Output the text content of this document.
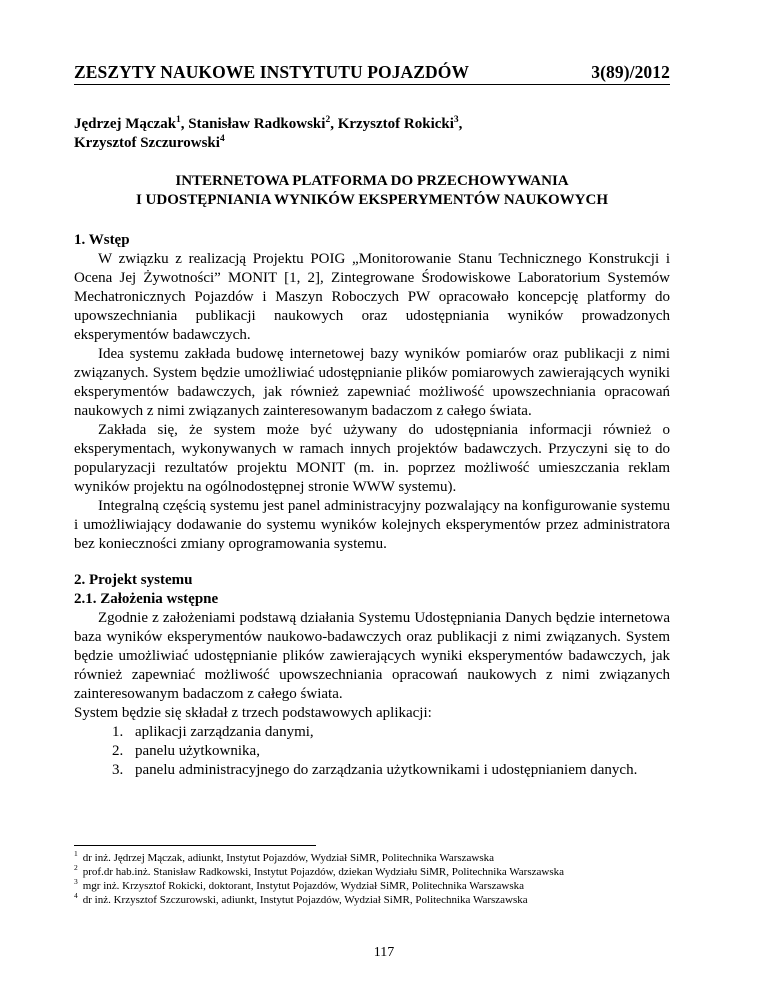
ZESZYTY NAUKOWE INSTYTUTU POJAZDÓW	3(89)/2012
Jędrzej Mączak$^1$, Stanisław Radkowski$^2$, Krzysztof Rokicki$^3$,
Krzysztof Szczurowski$^4$
INTERNETOWA PLATFORMA DO PRZECHOWYWANIA
I UDOSTĘPNIANIA WYNIKÓW EKSPERYMENTÓW NAUKOWYCH
1. Wstęp

W związku z realizacją Projektu POIG „Monitorowanie Stanu Technicznego Konstrukcji i Ocena Jej Żywotności” MONIT [1, 2], Zintegrowane Środowiskowe Laboratorium Systemów Mechatronicznych Pojazdów i Maszyn Roboczych PW opracowało koncepcję platformy do upowszechniania publikacji naukowych oraz udostępniania wyników prowadzonych eksperymentów badawczych.

Idea systemu zakłada budowę internetowej bazy wyników pomiarów oraz publikacji z nimi związanych. System będzie umożliwiać udostępnianie plików pomiarowych zawierających wyniki eksperymentów badawczych, jak również zapewniać możliwość upowszechniania opracowań naukowych z nimi związanych zainteresowanym badaczom z całego świata.

Zakłada się, że system może być używany do udostępniania informacji również o eksperymentach, wykonywanych w ramach innych projektów badawczych. Przyczyni się to do popularyzacji rezultatów projektu MONIT (m. in. poprzez możliwość umieszczania reklam wyników projektu na ogólnodostępnej stronie WWW systemu).

Integralną częścią systemu jest panel administracyjny pozwalający na konfigurowanie systemu i umożliwiający dodawanie do systemu wyników kolejnych eksperymentów przez administratora bez konieczności zmiany oprogramowania systemu.

2. Projekt systemu
2.1. Założenia wstępne

Zgodnie z założeniami podstawą działania Systemu Udostępniania Danych będzie internetowa baza wyników eksperymentów naukowo-badawczych oraz publikacji z nimi związanych. System będzie umożliwiać udostępnianie plików zawierających wyniki eksperymentów badawczych, jak również zapewniać możliwość upowszechniania opracowań naukowych z nimi związanych zainteresowanym badaczom z całego świata.

System będzie się składał z trzech podstawowych aplikacji:

1. aplikacji zarządzania danymi,
2. panelu użytkownika,
3. panelu administracyjnego do zarządzania użytkownikami i udostępnianiem danych.
$^1$ dr inż. Jędrzej Mączak, adiunkt, Instytut Pojazdów, Wydział SiMR, Politechnika Warszawska
$^2$ prof.dr hab.inż. Stanisław Radkowski, Instytut Pojazdów, dziekan Wydziału SiMR, Politechnika Warszawska
$^3$ mgr inż. Krzysztof Rokicki, doktorant, Instytut Pojazdów, Wydział SiMR, Politechnika Warszawska
$^4$ dr inż. Krzysztof Szczurowski, adiunkt, Instytut Pojazdów, Wydział SiMR, Politechnika Warszawska
117
